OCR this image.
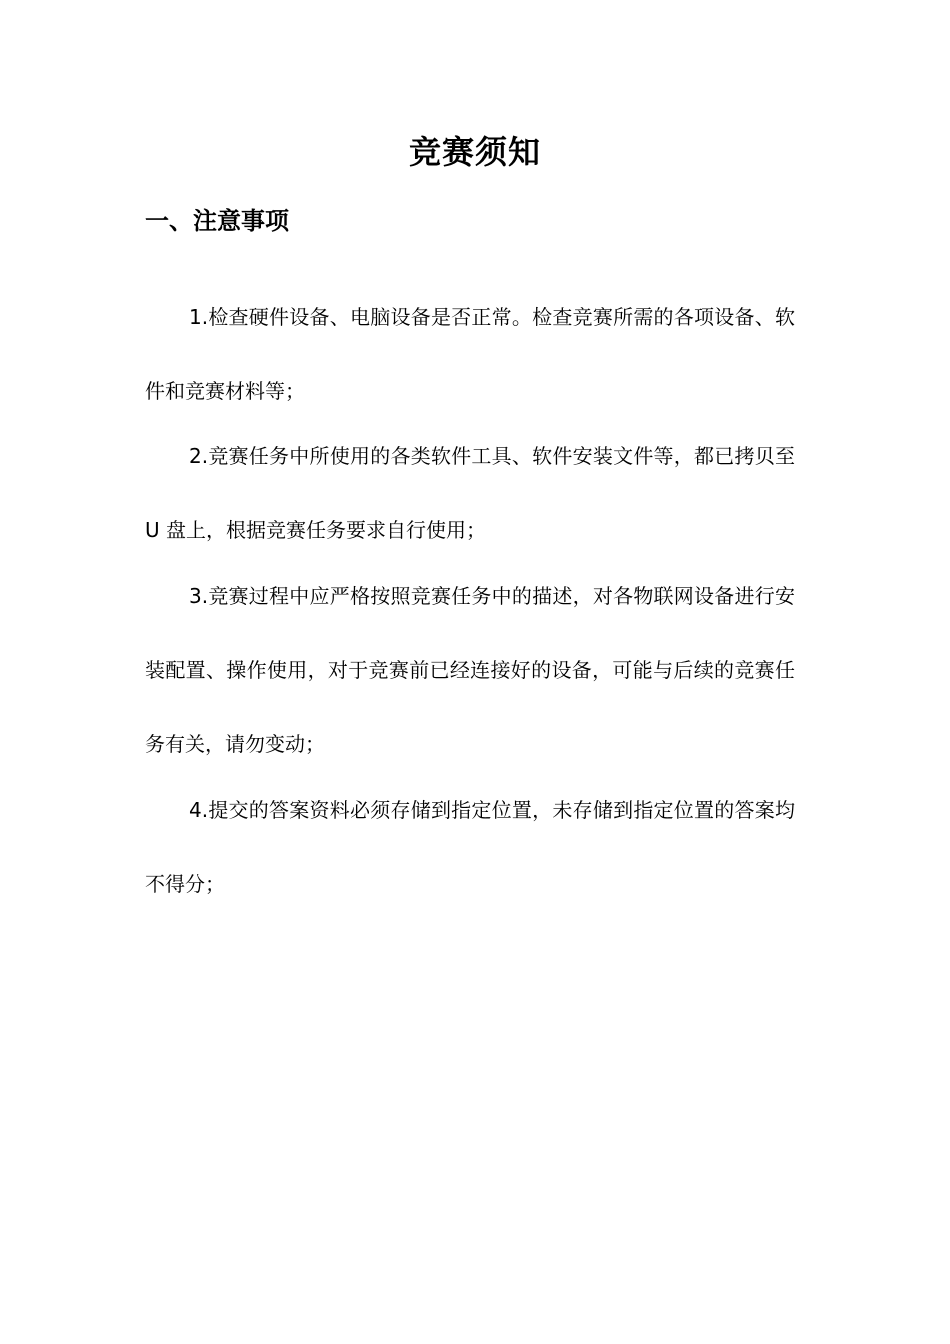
竞赛须知
一、注意事项

1.检查硬件设备、电脑设备是否正常。检查竞赛所需的各项设备、软件和竞赛材料等；

2.竞赛任务中所使用的各类软件工具、软件安装文件等，都已拷贝至 U 盘上，根据竞赛任务要求自行使用；

3.竞赛过程中应严格按照竞赛任务中的描述，对各物联网设备进行安装配置、操作使用，对于竞赛前已经连接好的设备，可能与后续的竞赛任务有关，请勿变动；

4.提交的答案资料必须存储到指定位置，未存储到指定位置的答案均不得分；
